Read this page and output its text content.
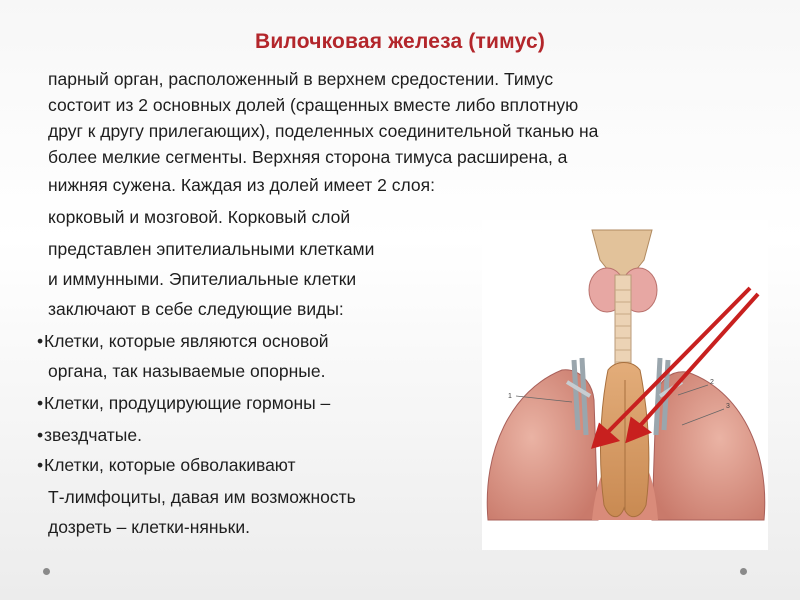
Вилочковая железа (тимус)
парный орган, расположенный в верхнем средостении. Тимус
состоит из 2 основных долей (сращенных вместе либо вплотную
друг к другу прилегающих), поделенных соединительной тканью на
более мелкие сегменты. Верхняя сторона тимуса расширена, а
нижняя сужена. Каждая из долей имеет 2 слоя:
корковый и мозговой. Корковый слой
представлен эпителиальными клетками
и иммунными. Эпителиальные клетки
заключают в себе следующие виды:
• Клетки, которые являются основой
органа, так называемые опорные.
• Клетки, продуцирующие гормоны –
• звездчатые.
• Клетки, которые обволакивают
Т-лимфоциты, давая им возможность
дозреть – клетки-няньки.
1
2
3
